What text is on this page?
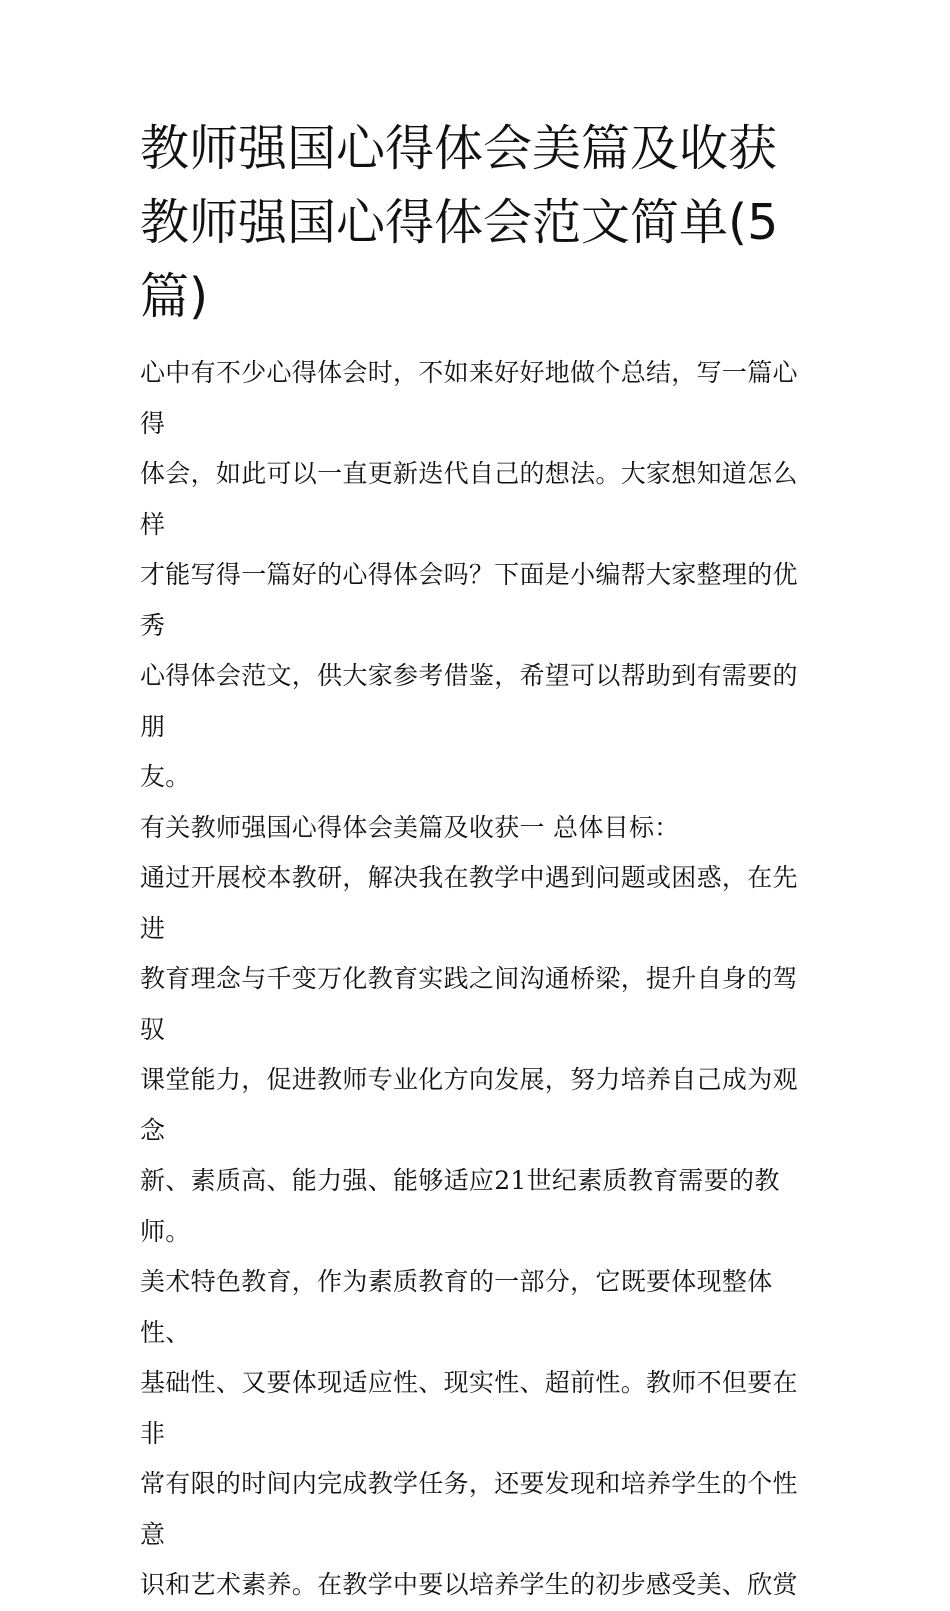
教师强国心得体会美篇及收获
教师强国心得体会范文简单(5
篇)

心中有不少心得体会时，不如来好好地做个总结，写一篇心得
体会，如此可以一直更新迭代自己的想法。大家想知道怎么样
才能写得一篇好的心得体会吗？下面是小编帮大家整理的优秀
心得体会范文，供大家参考借鉴，希望可以帮助到有需要的朋
友。

有关教师强国心得体会美篇及收获一 总体目标：

通过开展校本教研，解决我在教学中遇到问题或困惑，在先进
教育理念与千变万化教育实践之间沟通桥梁，提升自身的驾驭
课堂能力，促进教师专业化方向发展，努力培养自己成为观念
新、素质高、能力强、能够适应21世纪素质教育需要的教
师。

美术特色教育，作为素质教育的一部分，它既要体现整体性、
基础性、又要体现适应性、现实性、超前性。教师不但要在非
常有限的时间内完成教学任务，还要发现和培养学生的个性意
识和艺术素养。在教学中要以培养学生的初步感受美、欣赏
